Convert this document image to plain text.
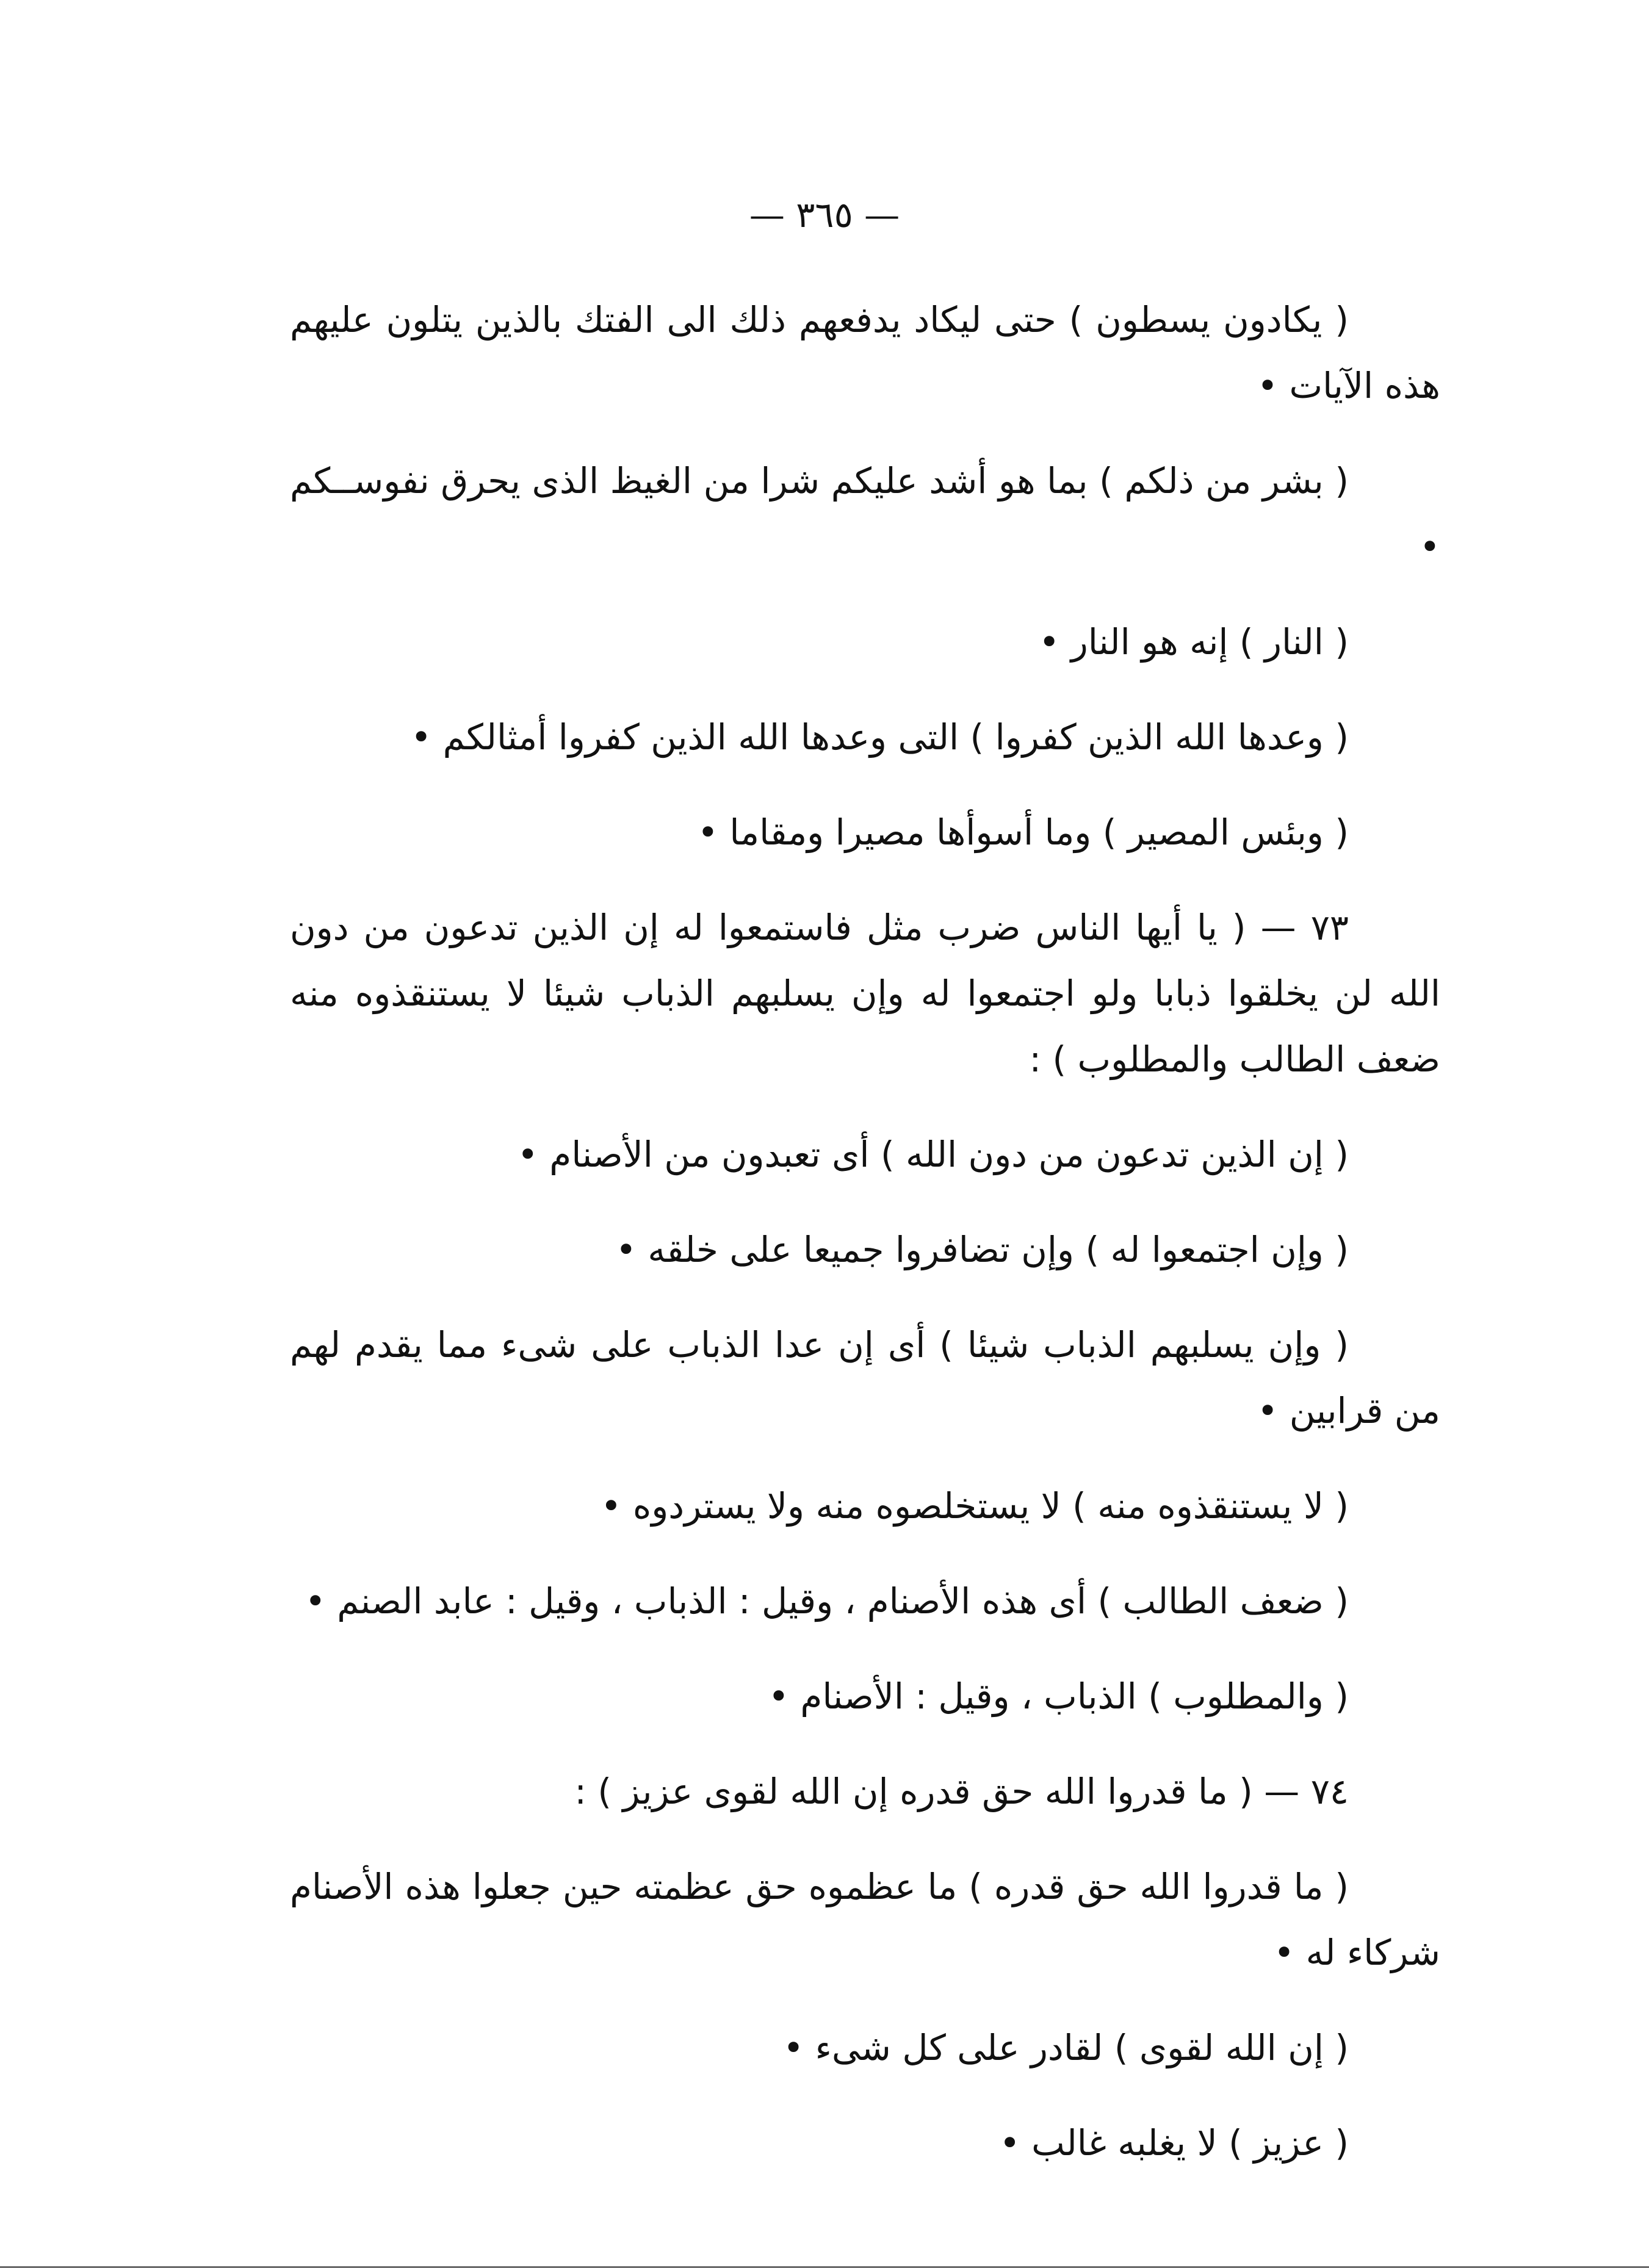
— ٣٦٥ —

( يكادون يسطون ) حتى ليكاد يدفعهم ذلك الى الفتك بالذين يتلون عليهم هذه الآيات •

( بشر من ذلكم ) بما هو أشد عليكم شرا من الغيظ الذى يحرق نفوســكم •

( النار ) إنه هو النار •

( وعدها الله الذين كفروا ) التى وعدها الله الذين كفروا أمثالكم •

( وبئس المصير ) وما أسوأها مصيرا ومقاما •

٧٣ — ( يا أيها الناس ضرب مثل فاستمعوا له إن الذين تدعون من دون الله لن يخلقوا ذبابا ولو اجتمعوا له وإن يسلبهم الذباب شيئا لا يستنقذوه منه ضعف الطالب والمطلوب ) :

( إن الذين تدعون من دون الله ) أى تعبدون من الأصنام •

( وإن اجتمعوا له ) وإن تضافروا جميعا على خلقه •

( وإن يسلبهم الذباب شيئا ) أى إن عدا الذباب على شىء مما يقدم لهم من قرابين •

( لا يستنقذوه منه ) لا يستخلصوه منه ولا يستردوه •

( ضعف الطالب ) أى هذه الأصنام ، وقيل : الذباب ، وقيل : عابد الصنم •

( والمطلوب ) الذباب ، وقيل : الأصنام •

٧٤ — ( ما قدروا الله حق قدره إن الله لقوى عزيز ) :

( ما قدروا الله حق قدره ) ما عظموه حق عظمته حين جعلوا هذه الأصنام شركاء له •

( إن الله لقوى ) لقادر على كل شىء •

( عزيز ) لا يغلبه غالب •
